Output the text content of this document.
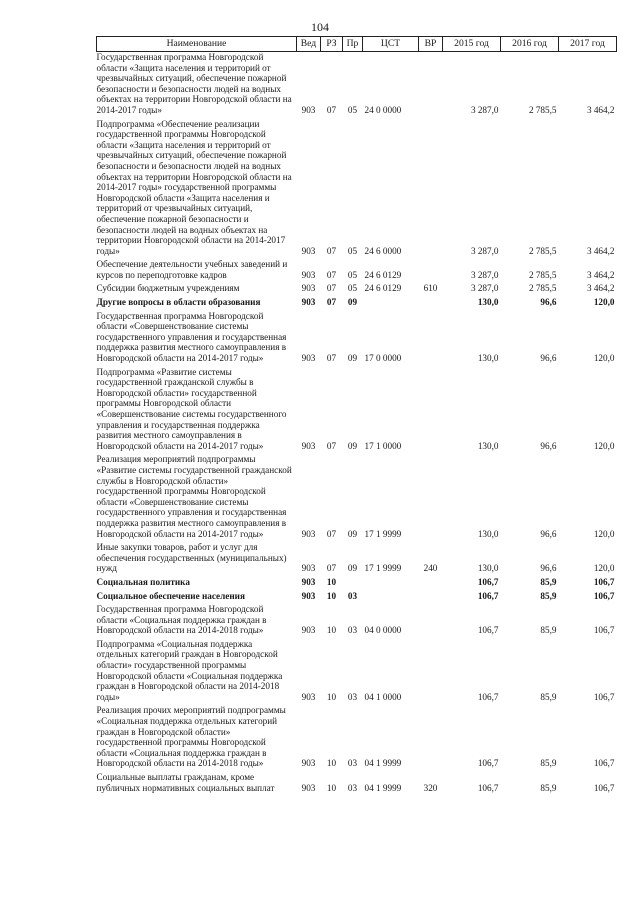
104
Наименование	Вед	РЗ	Пр	ЦСТ	ВР	2015 год	2016 год	2017 год
Государственная программа Новгородской области «Защита населения и территорий от чрезвычайных ситуаций, обеспечение пожарной безопасности и безопасности людей на водных объектах на территории Новгородской области на 2014-2017 годы»	903	07	05	24 0 0000		3 287,0	2 785,5	3 464,2
Подпрограмма «Обеспечение реализации государственной программы Новгородской области «Защита населения и территорий от чрезвычайных ситуаций, обеспечение пожарной безопасности и безопасности людей на водных объектах на территории Новгородской области на 2014-2017 годы» государственной программы Новгородской области «Защита населения и территорий от чрезвычайных ситуаций, обеспечение пожарной безопасности и безопасности людей на водных объектах на территории Новгородской области на 2014-2017 годы»	903	07	05	24 6 0000		3 287,0	2 785,5	3 464,2
Обеспечение деятельности учебных заведений и курсов по переподготовке кадров	903	07	05	24 6 0129		3 287,0	2 785,5	3 464,2
Субсидии бюджетным учреждениям	903	07	05	24 6 0129	610	3 287,0	2 785,5	3 464,2
Другие вопросы в области образования	903	07	09			130,0	96,6	120,0
Государственная программа Новгородской области «Совершенствование системы государственного управления и государственная поддержка развития местного самоуправления в Новгородской области на 2014-2017 годы»	903	07	09	17 0 0000		130,0	96,6	120,0
Подпрограмма «Развитие системы государственной гражданской службы в Новгородской области» государственной программы Новгородской области «Совершенствование системы государственного управления и государственная поддержка развития местного самоуправления в Новгородской области на 2014-2017 годы»	903	07	09	17 1 0000		130,0	96,6	120,0
Реализация мероприятий подпрограммы «Развитие системы государственной гражданской службы в Новгородской области» государственной программы Новгородской области «Совершенствование системы государственного управления и государственная поддержка развития местного самоуправления в Новгородской области на 2014-2017 годы»	903	07	09	17 1 9999		130,0	96,6	120,0
Иные закупки товаров, работ и услуг для обеспечения государственных (муниципальных) нужд	903	07	09	17 1 9999	240	130,0	96,6	120,0
Социальная политика	903	10				106,7	85,9	106,7
Социальное обеспечение населения	903	10	03			106,7	85,9	106,7
Государственная программа Новгородской области «Социальная поддержка граждан в Новгородской области на 2014-2018 годы»	903	10	03	04 0 0000		106,7	85,9	106,7
Подпрограмма «Социальная поддержка отдельных категорий граждан в Новгородской области» государственной программы Новгородской области «Социальная поддержка граждан в Новгородской области на 2014-2018 годы»	903	10	03	04 1 0000		106,7	85,9	106,7
Реализация прочих мероприятий подпрограммы «Социальная поддержка отдельных категорий граждан в Новгородской области» государственной программы Новгородской области «Социальная поддержка граждан в Новгородской области на 2014-2018 годы»	903	10	03	04 1 9999		106,7	85,9	106,7
Социальные выплаты гражданам, кроме публичных нормативных социальных выплат	903	10	03	04 1 9999	320	106,7	85,9	106,7
